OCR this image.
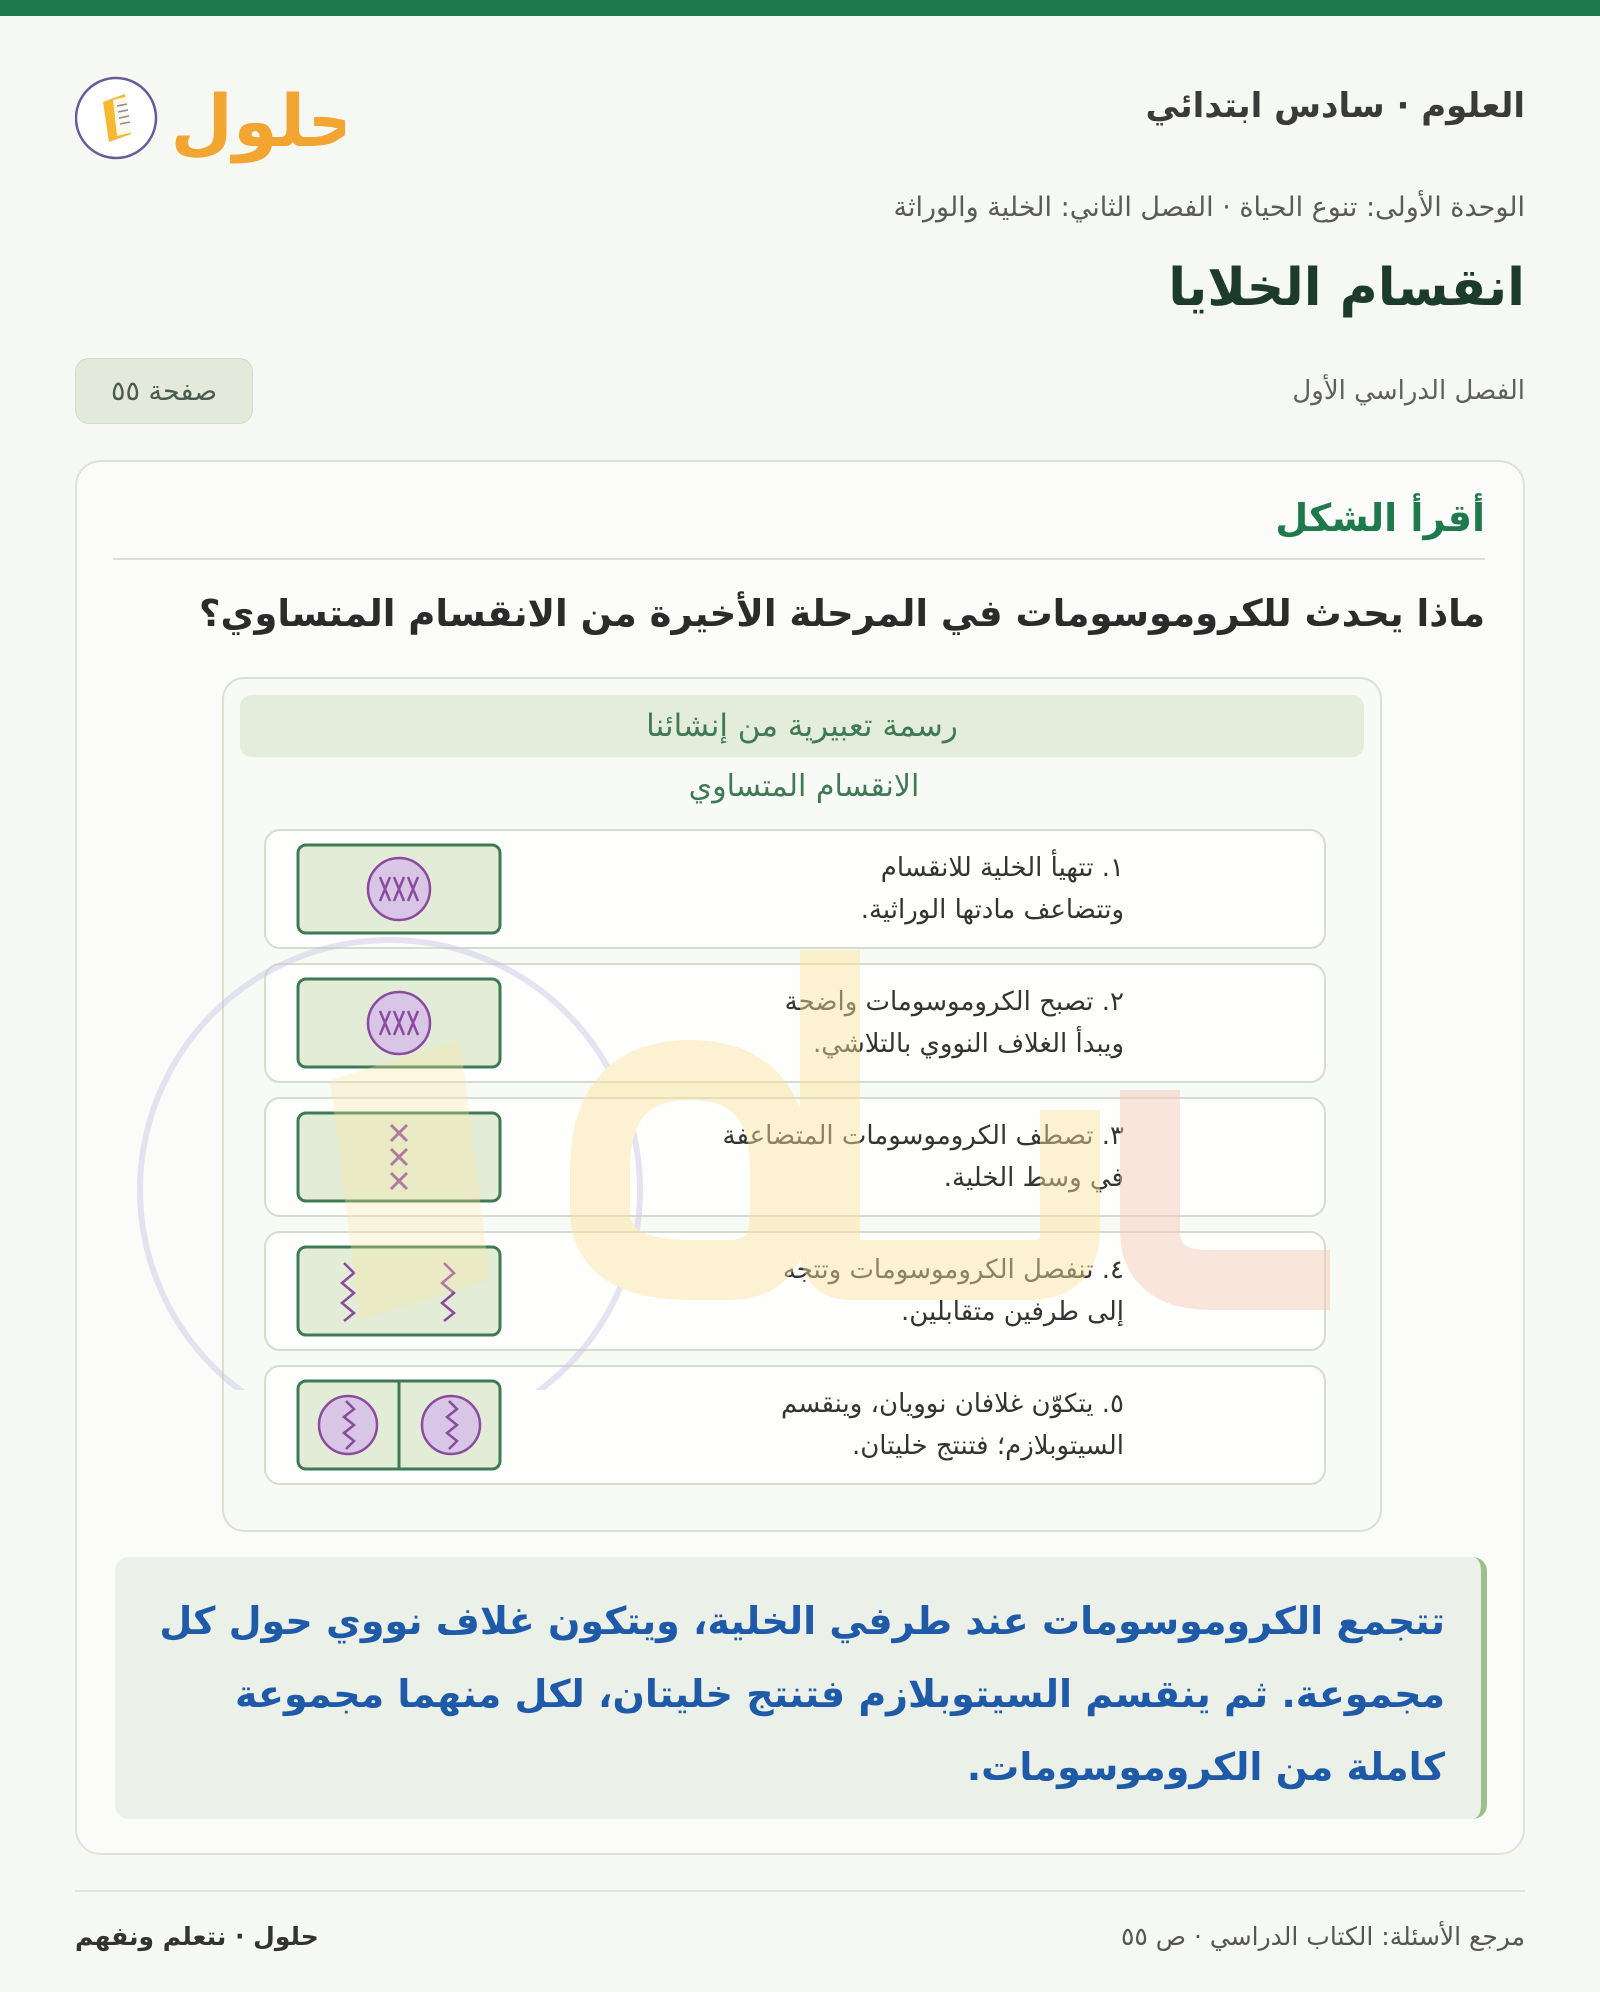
العلوم · سادس ابتدائي
حلول
الوحدة الأولى: تنوع الحياة · الفصل الثاني: الخلية والوراثة
انقسام الخلايا
الفصل الدراسي الأول
صفحة ٥٥
أقرأ الشكل
ماذا يحدث للكروموسومات في المرحلة الأخيرة من الانقسام المتساوي؟
رسمة تعبيرية من إنشائنا
الانقسام المتساوي
١. تتهيأ الخلية للانقسام
وتتضاعف مادتها الوراثية.
٢. تصبح الكروموسومات واضحة
ويبدأ الغلاف النووي بالتلاشي.
٣. تصطف الكروموسومات المتضاعفة
في وسط الخلية.
٤. تنفصل الكروموسومات وتتجه
إلى طرفين متقابلين.
٥. يتكوّن غلافان نوويان، وينقسم
السيتوبلازم؛ فتنتج خليتان.
تتجمع الكروموسومات عند طرفي الخلية، ويتكون غلاف نووي حول كل مجموعة. ثم ينقسم السيتوبلازم فتنتج خليتان، لكل منهما مجموعة كاملة من الكروموسومات.
مرجع الأسئلة: الكتاب الدراسي · ص ٥٥
حلول · نتعلم ونفهم
